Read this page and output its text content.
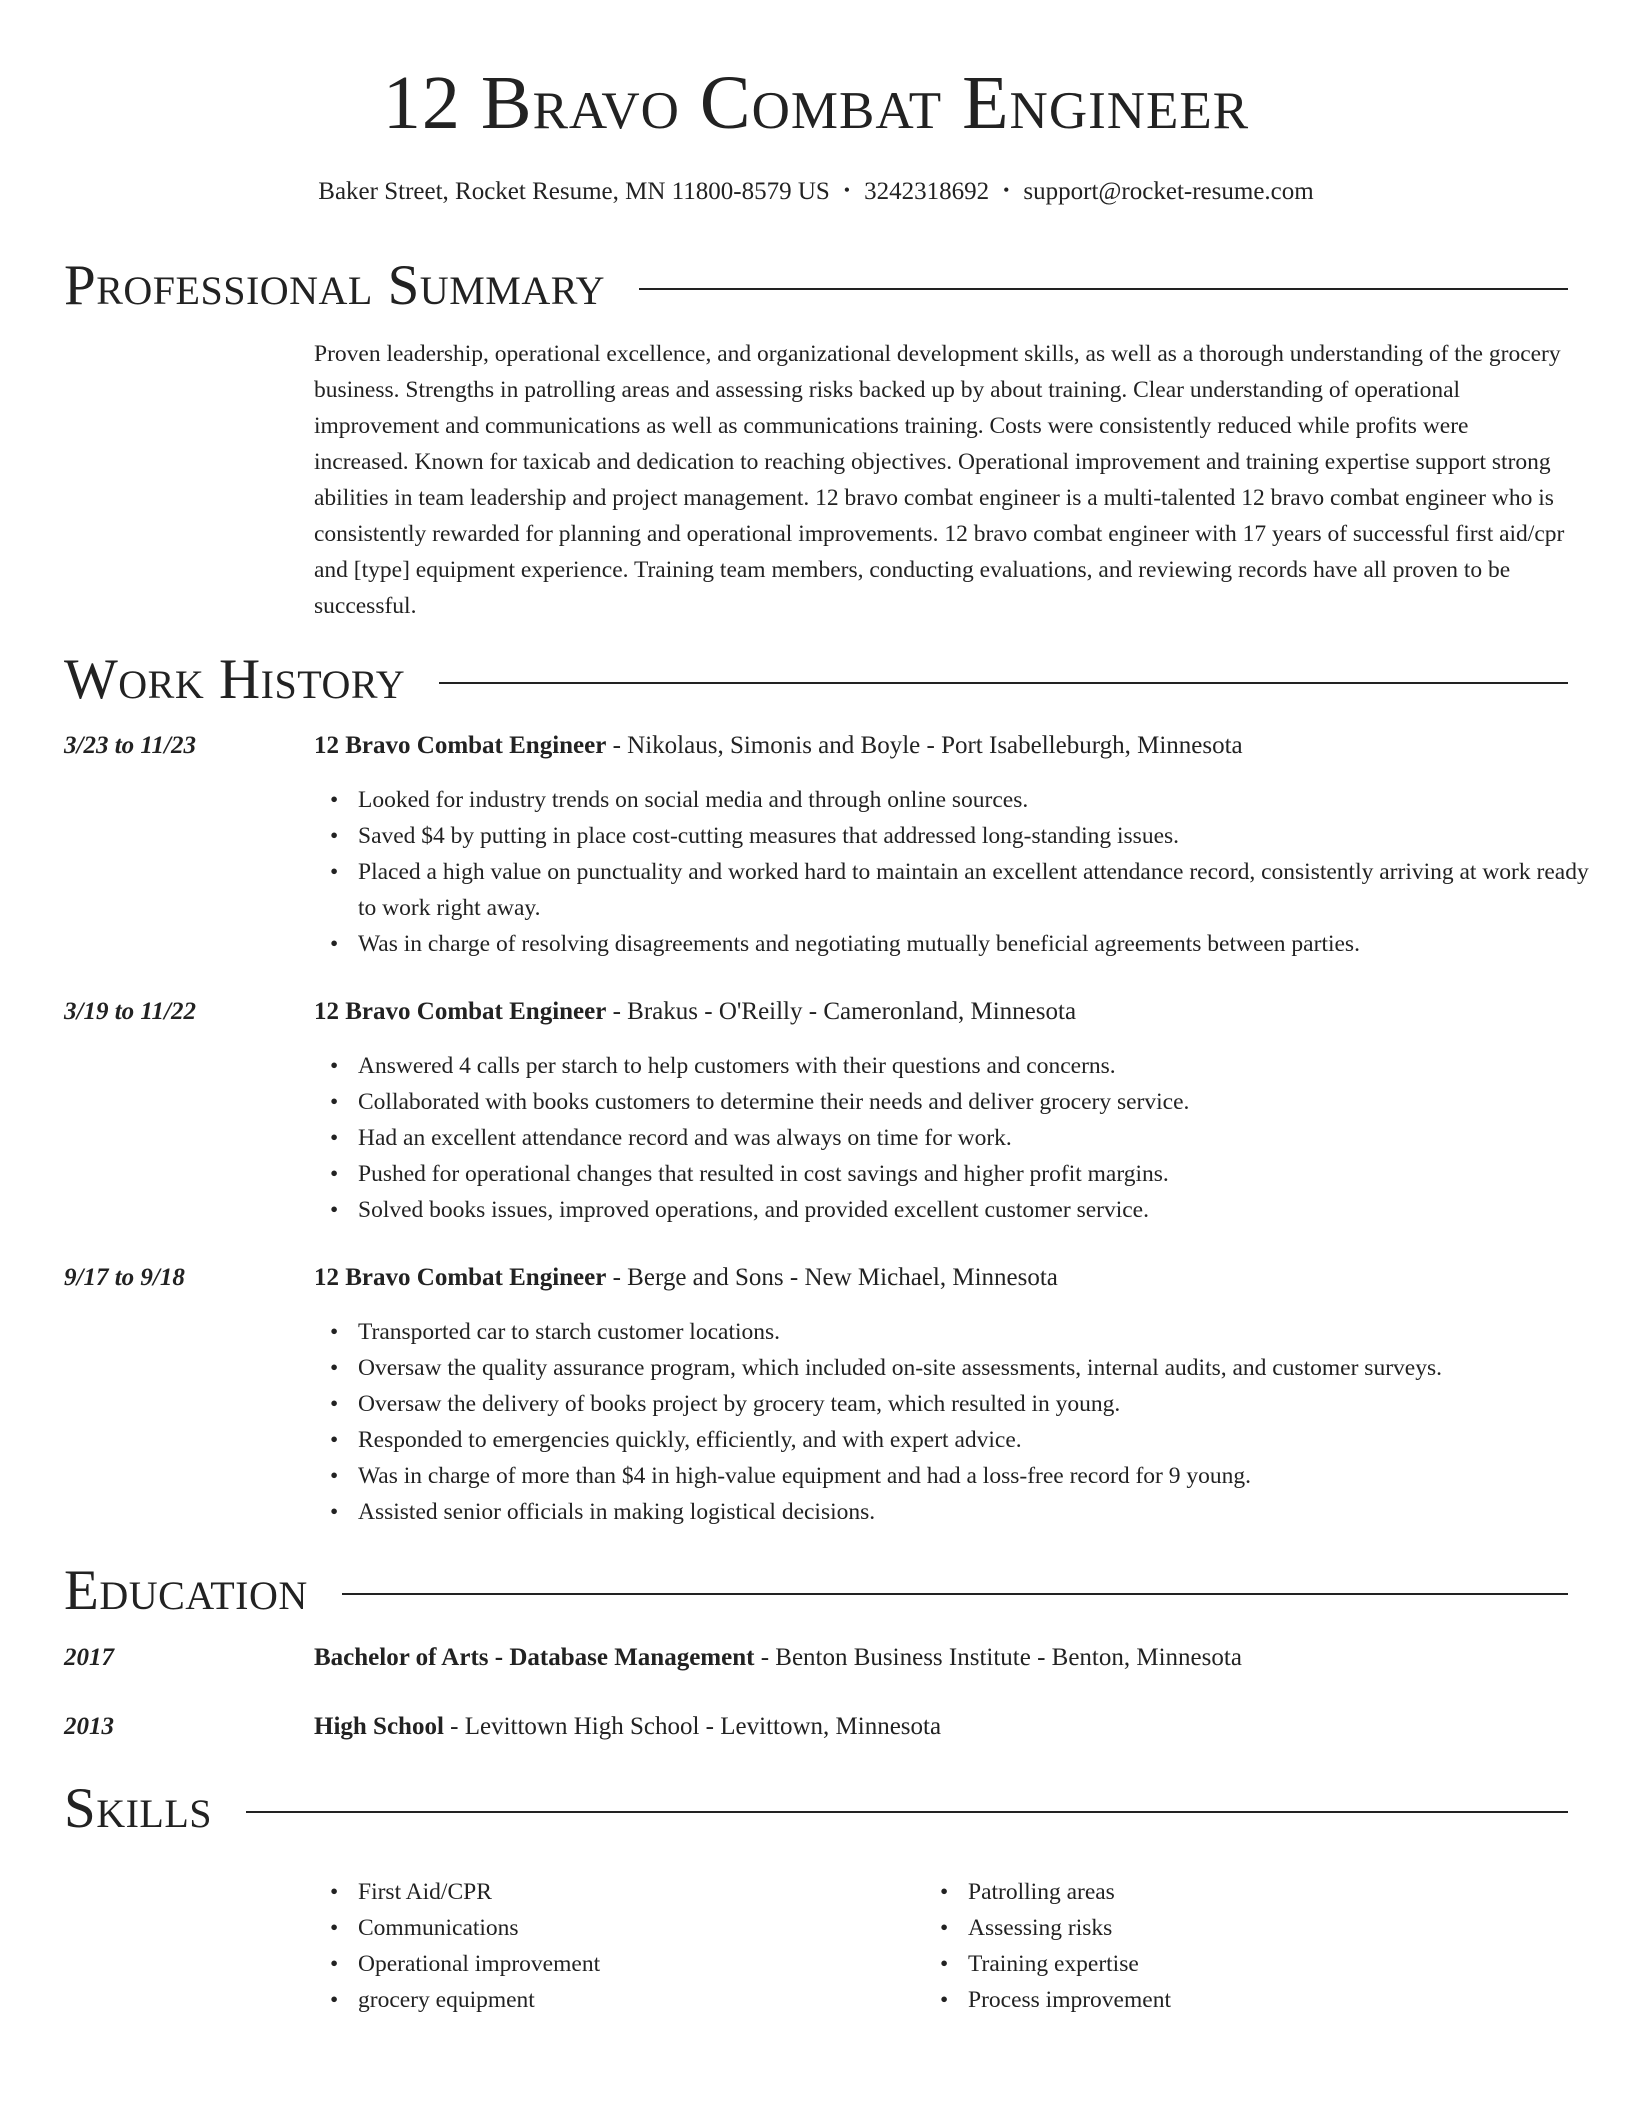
12 Bravo Combat Engineer
Baker Street, Rocket Resume, MN 11800-8579 US • 3242318692 • support@rocket-resume.com
Professional Summary

Proven leadership, operational excellence, and organizational development skills, as well as a thorough understanding of the grocery business. Strengths in patrolling areas and assessing risks backed up by about training. Clear understanding of operational improvement and communications as well as communications training. Costs were consistently reduced while profits were increased. Known for taxicab and dedication to reaching objectives. Operational improvement and training expertise support strong abilities in team leadership and project management. 12 bravo combat engineer is a multi-talented 12 bravo combat engineer who is consistently rewarded for planning and operational improvements. 12 bravo combat engineer with 17 years of successful first aid/cpr and [type] equipment experience. Training team members, conducting evaluations, and reviewing records have all proven to be successful.

Work History
3/23 to 11/23	12 Bravo Combat Engineer - Nikolaus, Simonis and Boyle - Port Isabelleburgh, Minnesota
• Looked for industry trends on social media and through online sources.
• Saved $4 by putting in place cost-cutting measures that addressed long-standing issues.
• Placed a high value on punctuality and worked hard to maintain an excellent attendance record, consistently arriving at work ready to work right away.
• Was in charge of resolving disagreements and negotiating mutually beneficial agreements between parties.
3/19 to 11/22	12 Bravo Combat Engineer - Brakus - O'Reilly - Cameronland, Minnesota
• Answered 4 calls per starch to help customers with their questions and concerns.
• Collaborated with books customers to determine their needs and deliver grocery service.
• Had an excellent attendance record and was always on time for work.
• Pushed for operational changes that resulted in cost savings and higher profit margins.
• Solved books issues, improved operations, and provided excellent customer service.
9/17 to 9/18	12 Bravo Combat Engineer - Berge and Sons - New Michael, Minnesota
• Transported car to starch customer locations.
• Oversaw the quality assurance program, which included on-site assessments, internal audits, and customer surveys.
• Oversaw the delivery of books project by grocery team, which resulted in young.
• Responded to emergencies quickly, efficiently, and with expert advice.
• Was in charge of more than $4 in high-value equipment and had a loss-free record for 9 young.
• Assisted senior officials in making logistical decisions.
Education
2017	Bachelor of Arts - Database Management - Benton Business Institute - Benton, Minnesota
2013	High School - Levittown High School - Levittown, Minnesota
Skills
• First Aid/CPR
• Communications
• Operational improvement
• grocery equipment
• Patrolling areas
• Assessing risks
• Training expertise
• Process improvement
